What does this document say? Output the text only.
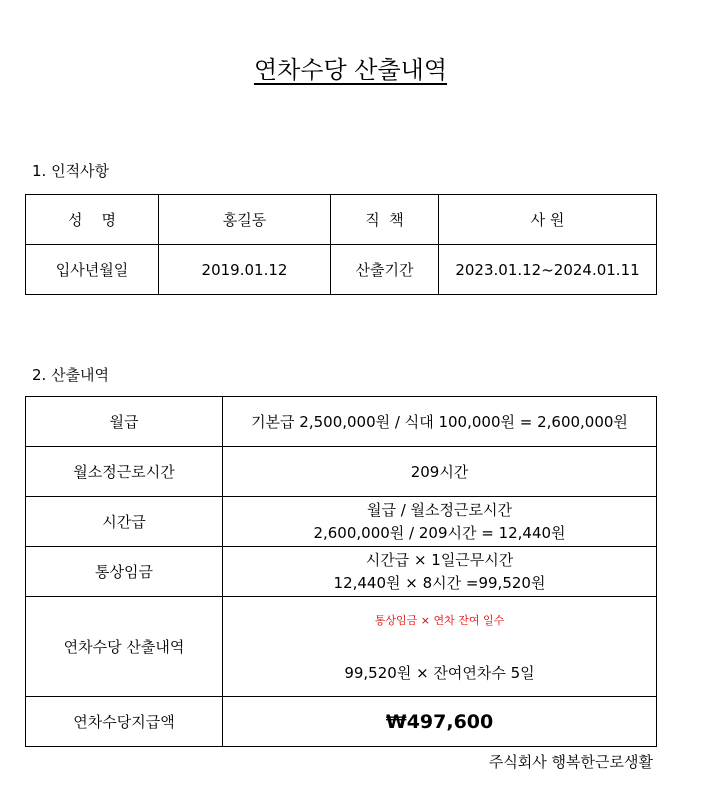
연차수당 산출내역
1. 인적사항
성    명	홍길동	직  책	사 원
입사년월일	2019.01.12	산출기간	2023.01.12~2024.01.11
2. 산출내역
월급	기본급 2,500,000원 / 식대 100,000원 = 2,600,000원
월소정근로시간	209시간
시간급	월급 / 월소정근로시간
2,600,000원 / 209시간 = 12,440원

통상임금	시간급 × 1일근무시간
12,440원 × 8시간 =99,520원

연차수당 산출내역	통상임금 × 연차 잔여 일수
99,520원 × 잔여연차수 5일

연차수당지급액	₩497,600
주식회사 행복한근로생활
